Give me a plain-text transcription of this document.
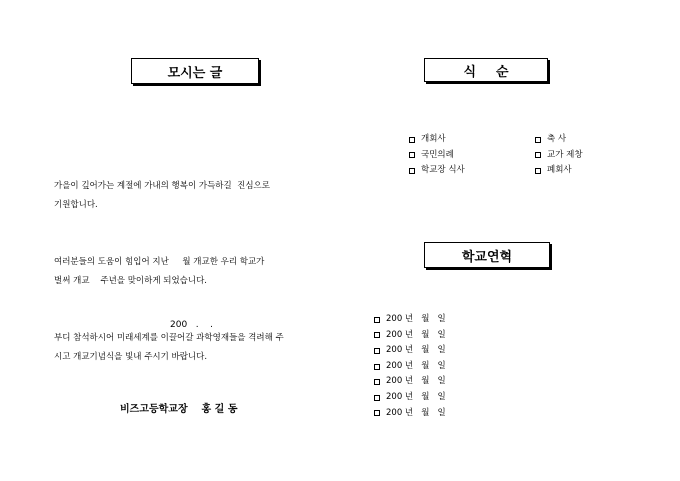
모시는 글	식순
학교연혁

가을이 깊어가는 계절에 가내의 행복이 가득하길  진심으로
기원합니다.

여러분들의 도움이 힘입어 지난     월 개교한 우리 학교가
벌써 개교    주년을 맞이하게 되었습니다.

부디 참석하시어 미래세계를 이끌어갈 과학영재들을 격려해 주
시고 개교기념식을 빛내 주시기 바랍니다.

200   .    .
비즈고등학교장    홍 길 동
개회사
국민의례
학교장 식사
축 사
교가 제창
폐회사
200 년   월   일
200 년   월   일
200 년   월   일
200 년   월   일
200 년   월   일
200 년   월   일
200 년   월   일
